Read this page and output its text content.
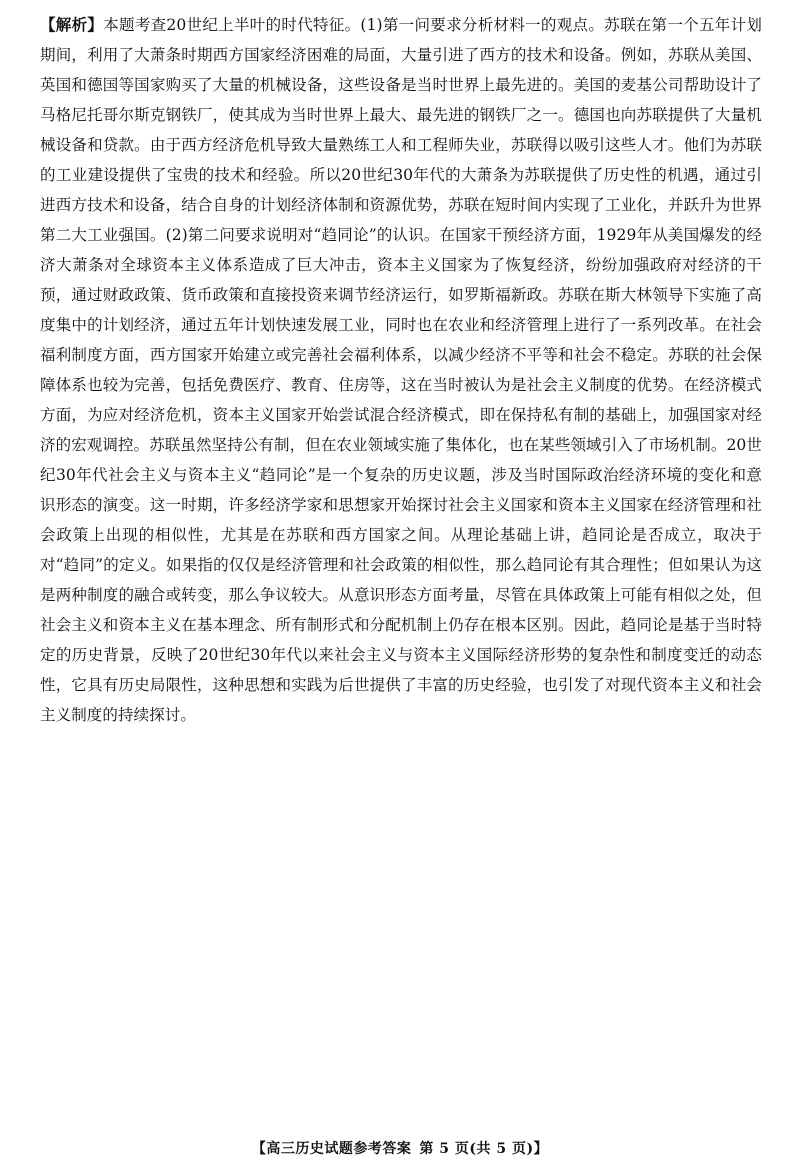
【解析】本题考查20世纪上半叶的时代特征。(1)第一问要求分析材料一的观点。苏联在第一个五年计划期间，利用了大萧条时期西方国家经济困难的局面，大量引进了西方的技术和设备。例如，苏联从美国、英国和德国等国家购买了大量的机械设备，这些设备是当时世界上最先进的。美国的麦基公司帮助设计了马格尼托哥尔斯克钢铁厂，使其成为当时世界上最大、最先进的钢铁厂之一。德国也向苏联提供了大量机械设备和贷款。由于西方经济危机导致大量熟练工人和工程师失业，苏联得以吸引这些人才。他们为苏联的工业建设提供了宝贵的技术和经验。所以20世纪30年代的大萧条为苏联提供了历史性的机遇，通过引进西方技术和设备，结合自身的计划经济体制和资源优势，苏联在短时间内实现了工业化，并跃升为世界第二大工业强国。(2)第二问要求说明对“趋同论”的认识。在国家干预经济方面，1929年从美国爆发的经济大萧条对全球资本主义体系造成了巨大冲击，资本主义国家为了恢复经济，纷纷加强政府对经济的干预，通过财政政策、货币政策和直接投资来调节经济运行，如罗斯福新政。苏联在斯大林领导下实施了高度集中的计划经济，通过五年计划快速发展工业，同时也在农业和经济管理上进行了一系列改革。在社会福利制度方面，西方国家开始建立或完善社会福利体系，以减少经济不平等和社会不稳定。苏联的社会保障体系也较为完善，包括免费医疗、教育、住房等，这在当时被认为是社会主义制度的优势。在经济模式方面，为应对经济危机，资本主义国家开始尝试混合经济模式，即在保持私有制的基础上，加强国家对经济的宏观调控。苏联虽然坚持公有制，但在农业领域实施了集体化，也在某些领域引入了市场机制。20世纪30年代社会主义与资本主义“趋同论”是一个复杂的历史议题，涉及当时国际政治经济环境的变化和意识形态的演变。这一时期，许多经济学家和思想家开始探讨社会主义国家和资本主义国家在经济管理和社会政策上出现的相似性，尤其是在苏联和西方国家之间。从理论基础上讲，趋同论是否成立，取决于对“趋同”的定义。如果指的仅仅是经济管理和社会政策的相似性，那么趋同论有其合理性；但如果认为这是两种制度的融合或转变，那么争议较大。从意识形态方面考量，尽管在具体政策上可能有相似之处，但社会主义和资本主义在基本理念、所有制形式和分配机制上仍存在根本区别。因此，趋同论是基于当时特定的历史背景，反映了20世纪30年代以来社会主义与资本主义国际经济形势的复杂性和制度变迁的动态性，它具有历史局限性，这种思想和实践为后世提供了丰富的历史经验，也引发了对现代资本主义和社会主义制度的持续探讨。

【高三历史试题参考答案 第 5 页(共 5 页)】
